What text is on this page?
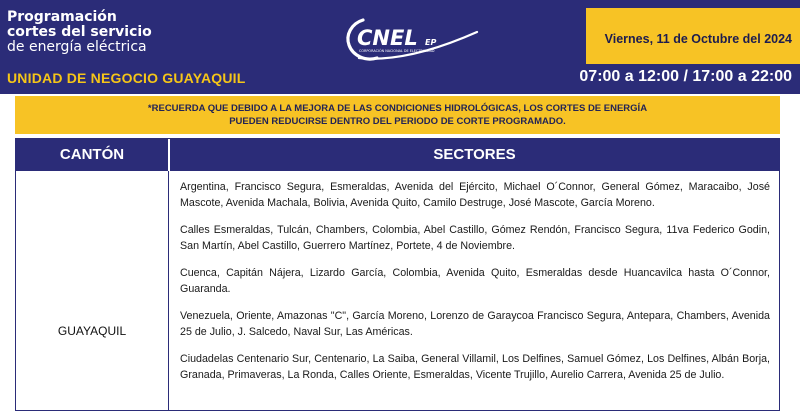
Programación
cortes del servicio
de energía eléctrica
UNIDAD DE NEGOCIO GUAYAQUIL
CNEL EP
CORPORACIÓN NACIONAL DE ELECTRICIDAD
Viernes, 11 de Octubre del 2024
07:00 a 12:00 / 17:00 a 22:00
*RECUERDA QUE DEBIDO A LA MEJORA DE LAS CONDICIONES HIDROLÓGICAS, LOS CORTES DE ENERGÍA
PUEDEN REDUCIRSE DENTRO DEL PERIODO DE CORTE PROGRAMADO.
CANTÓN	SECTORES
GUAYAQUIL

Argentina, Francisco Segura, Esmeraldas, Avenida del Ejército, Michael O´Connor, General Gómez, Maracaibo, José Mascote, Avenida Machala, Bolivia, Avenida Quito, Camilo Destruge, José Mascote, García Moreno.

Calles Esmeraldas, Tulcán, Chambers, Colombia, Abel Castillo, Gómez Rendón, Francisco Segura, 11va Federico Godin, San Martín, Abel Castillo, Guerrero Martínez, Portete, 4 de Noviembre.

Cuenca, Capitán Nájera, Lizardo García, Colombia, Avenida Quito, Esmeraldas desde Huancavilca hasta O´Connor, Guaranda.

Venezuela, Oriente, Amazonas "C", García Moreno, Lorenzo de Garaycoa Francisco Segura, Antepara, Chambers, Avenida 25 de Julio, J. Salcedo, Naval Sur, Las Américas.

Ciudadelas Centenario Sur, Centenario, La Saiba, General Villamil, Los Delfines, Samuel Gómez, Los Delfines, Albán Borja, Granada, Primaveras, La Ronda, Calles Oriente, Esmeraldas, Vicente Trujillo, Aurelio Carrera, Avenida 25 de Julio.
